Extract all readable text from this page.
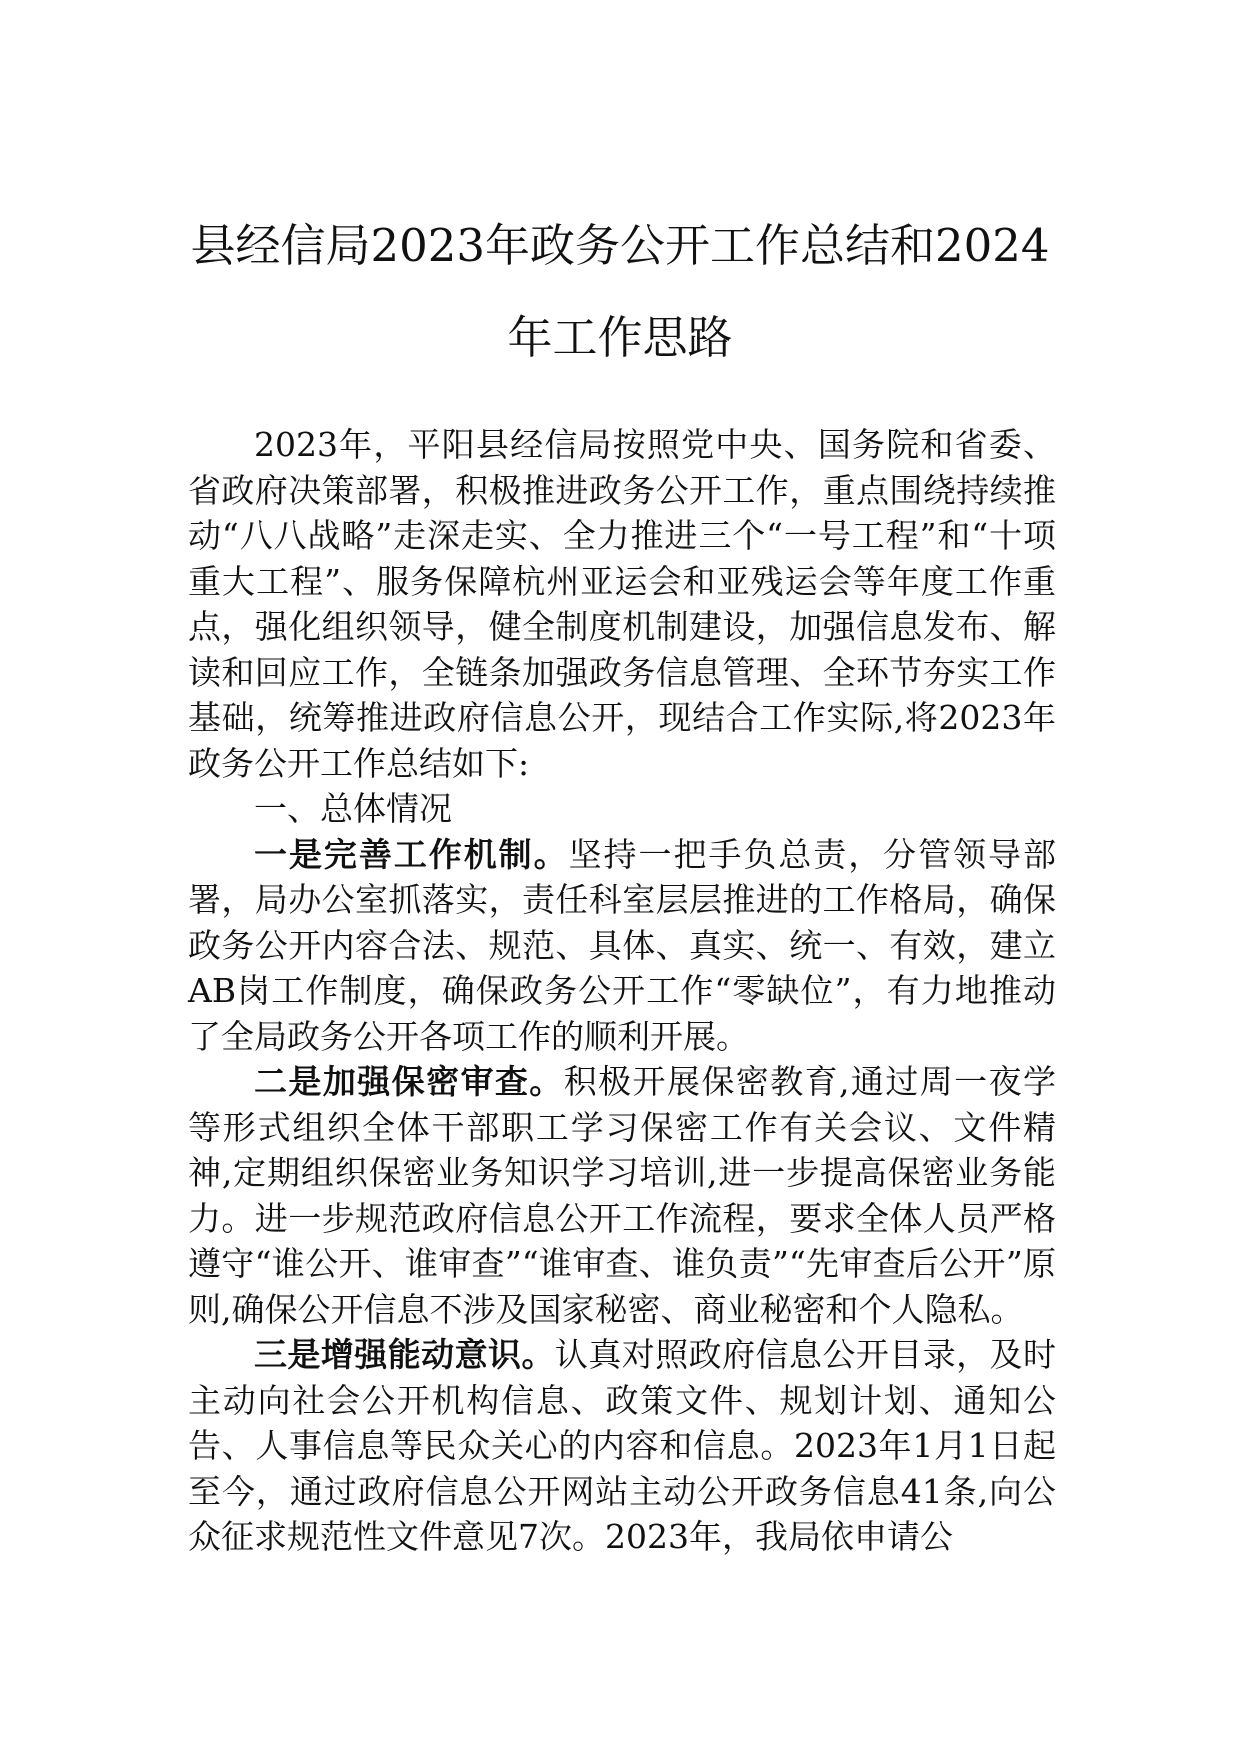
县经信局2023年政务公开工作总结和2024年工作思路

2023年，平阳县经信局按照党中央、国务院和省委、省政府决策部署，积极推进政务公开工作，重点围绕持续推动“八八战略”走深走实、全力推进三个“一号工程”和“十项重大工程”、服务保障杭州亚运会和亚残运会等年度工作重点，强化组织领导，健全制度机制建设，加强信息发布、解读和回应工作，全链条加强政务信息管理、全环节夯实工作基础，统筹推进政府信息公开，现结合工作实际,将2023年政务公开工作总结如下:

一、总体情况

一是完善工作机制。坚持一把手负总责，分管领导部署，局办公室抓落实，责任科室层层推进的工作格局，确保政务公开内容合法、规范、具体、真实、统一、有效，建立AB岗工作制度，确保政务公开工作“零缺位”，有力地推动了全局政务公开各项工作的顺利开展。

二是加强保密审查。积极开展保密教育,通过周一夜学等形式组织全体干部职工学习保密工作有关会议、文件精神,定期组织保密业务知识学习培训,进一步提高保密业务能力。进一步规范政府信息公开工作流程，要求全体人员严格遵守“谁公开、谁审查”“谁审查、谁负责”“先审查后公开”原则,确保公开信息不涉及国家秘密、商业秘密和个人隐私。

三是增强能动意识。认真对照政府信息公开目录，及时主动向社会公开机构信息、政策文件、规划计划、通知公告、人事信息等民众关心的内容和信息。2023年1月1日起至今，通过政府信息公开网站主动公开政务信息41条,向公众征求规范性文件意见7次。2023年，我局依申请公
